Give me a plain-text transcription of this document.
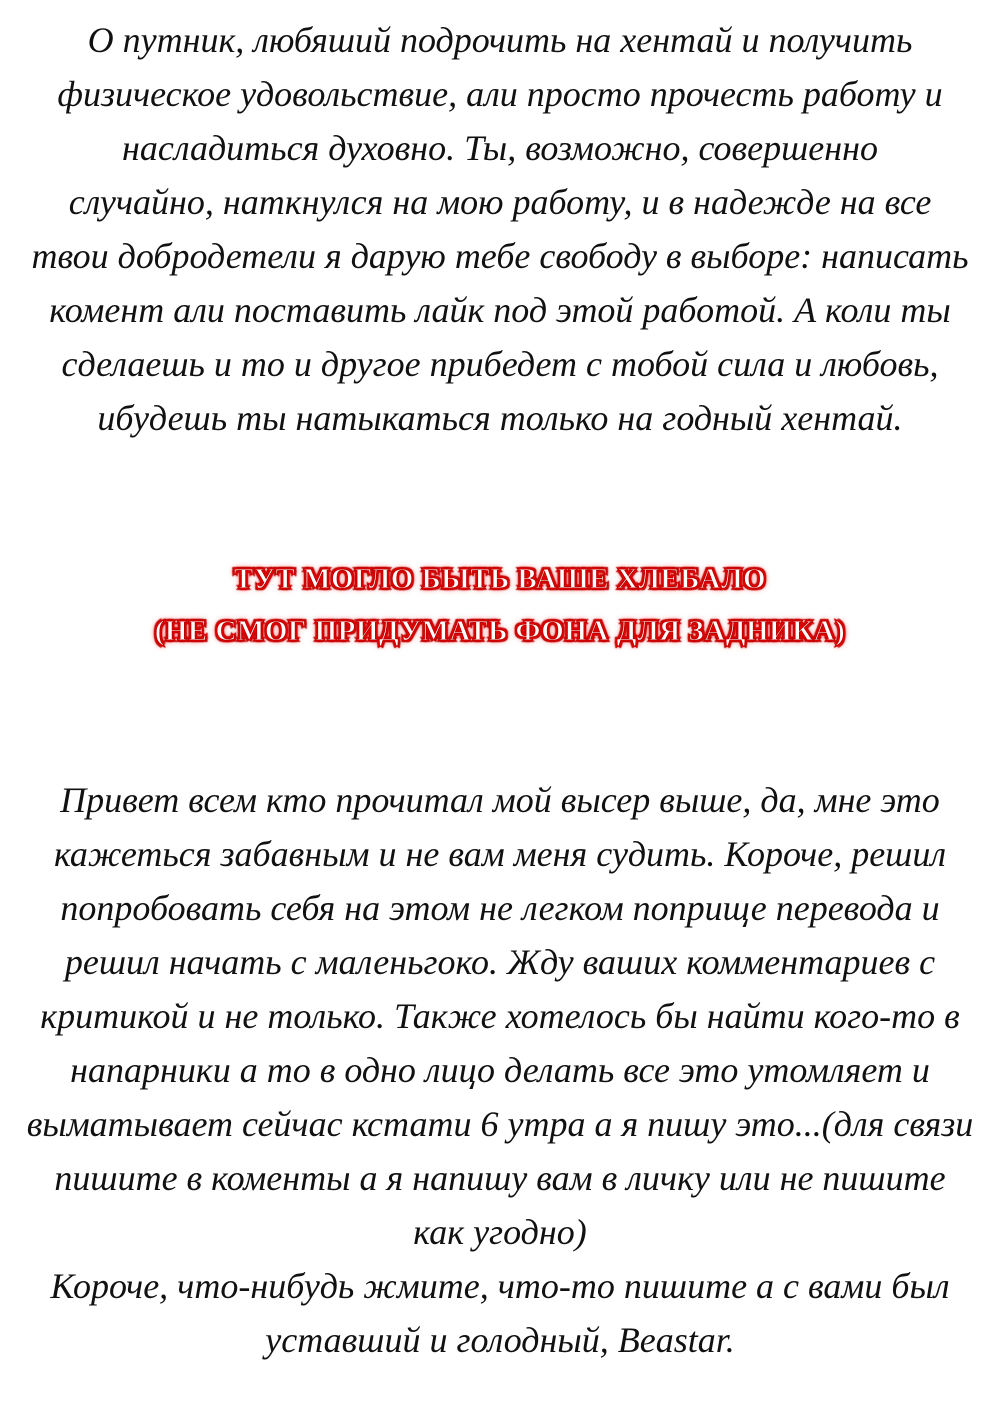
О путник, любяший подрочить на хентай и получить
физическое удовольствие, али просто прочесть работу и
насладиться духовно. Ты, возможно, совершенно
случайно, наткнулся на мою работу, и в надежде на все
твои добродетели я дарую тебе свободу в выборе: написать
комент али поставить лайк под этой работой. А коли ты
сделаешь и то и другое прибедет с тобой сила и любовь,
ибудешь ты натыкаться только на годный хентай.
ТУТ МОГЛО БЫТЬ ВАШЕ ХЛЕБАЛО
(НЕ СМОГ ПРИДУМАТЬ ФОНА ДЛЯ ЗАДНИКА)
Привет всем кто прочитал мой высер выше, да, мне это
кажеться забавным и не вам меня судить. Короче, решил
попробовать себя на этом не легком поприще перевода и
решил начать с маленьгоко. Жду ваших комментариев с
критикой и не только. Также хотелось бы найти кого-то в
напарники а то в одно лицо делать все это утомляет и
выматывает сейчас кстати 6 утра а я пишу это...(для связи
пишите в коменты а я напишу вам в личку или не пишите
как угодно)
Короче, что-нибудь жмите, что-то пишите а с вами был
уставший и голодный, Beastar.
